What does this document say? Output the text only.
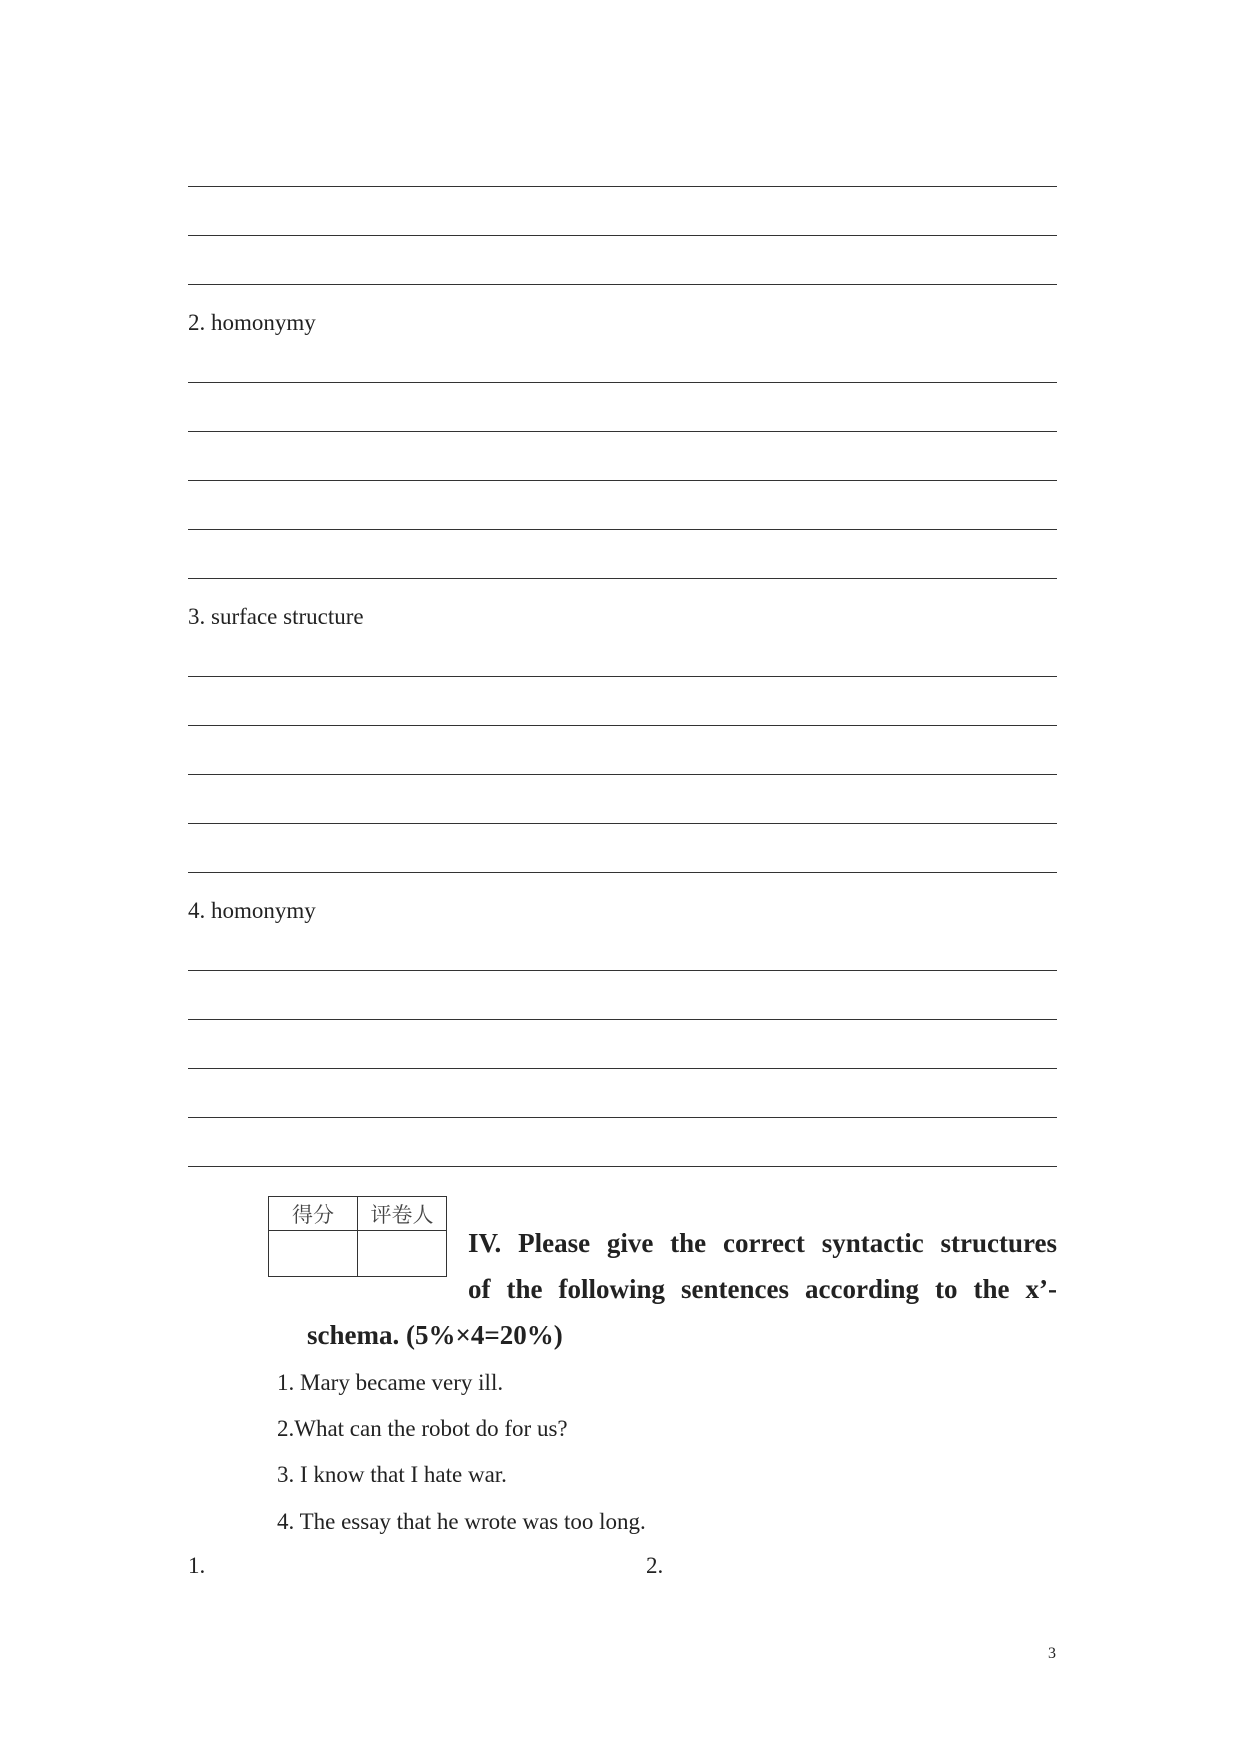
2. homonymy
3. surface structure
4. homonymy
得分	评卷人

IV. Please give the correct syntactic structures
of the following sentences according to the x’-
schema. (5%×4=20%)
1. Mary became very ill.
2.What can the robot do for us?
3. I know that I hate war.
4. The essay that he wrote was too long.
1.	2.
3
